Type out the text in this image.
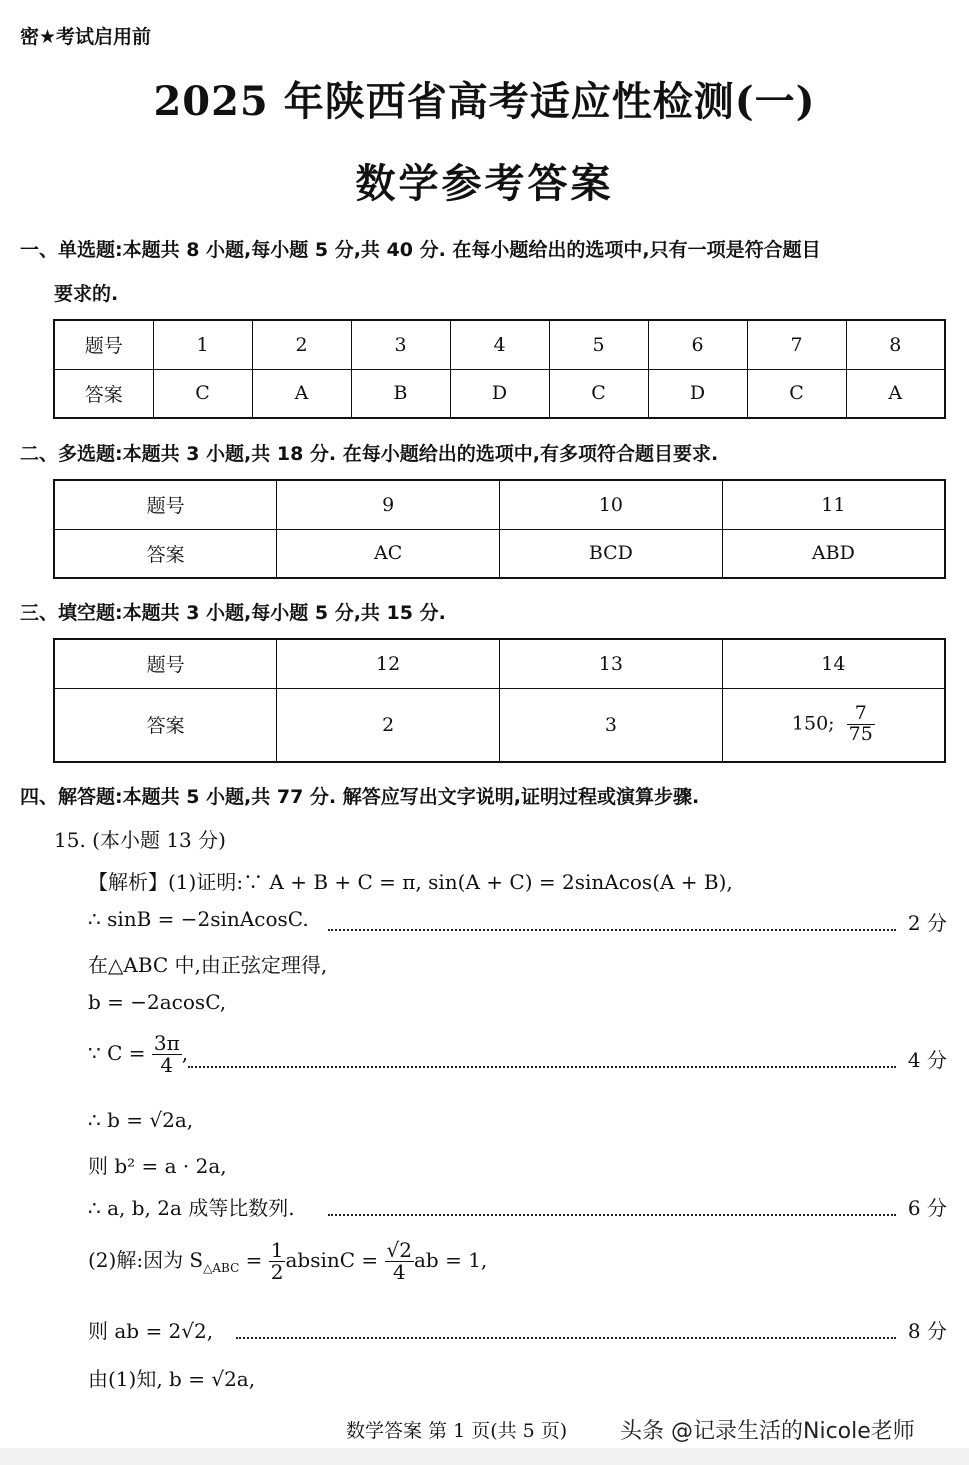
密★考试启用前
2025 年陕西省高考适应性检测(一)
数学参考答案
一、单选题:本题共 8 小题,每小题 5 分,共 40 分. 在每小题给出的选项中,只有一项是符合题目
要求的.
题号	1	2	3	4	5	6	7	8
答案	C	A	B	D	C	D	C	A
二、多选题:本题共 3 小题,共 18 分. 在每小题给出的选项中,有多项符合题目要求.
题号	9	10	11
答案	AC	BCD	ABD
三、填空题:本题共 3 小题,每小题 5 分,共 15 分.
题号	12	13	14
答案	2	3	150; $\frac{7}{75}$
四、解答题:本题共 5 小题,共 77 分. 解答应写出文字说明,证明过程或演算步骤.
15. (本小题 13 分)
【解析】(1)证明:∵ A + B + C = π, sin(A + C) = 2sinAcos(A + B),
∴ sinB = −2sinAcosC.	2 分
在△ABC 中,由正弦定理得,
b = −2acosC,
∵ $C = \frac{3\pi}{4}$ ,	4 分
∴ b = √2a,
则 b² = a · 2a,
∴ a, b, 2a 成等比数列.	6 分
(2)解:因为 $S_{\triangle ABC} = \frac{1}{2}$ $absinC = \frac{√2}{4}$ ab = 1,
则 ab = 2√2,	8 分
由(1)知, b = √2a,
数学答案 第 1 页(共 5 页) 头条 @记录生活的Nicole老师
